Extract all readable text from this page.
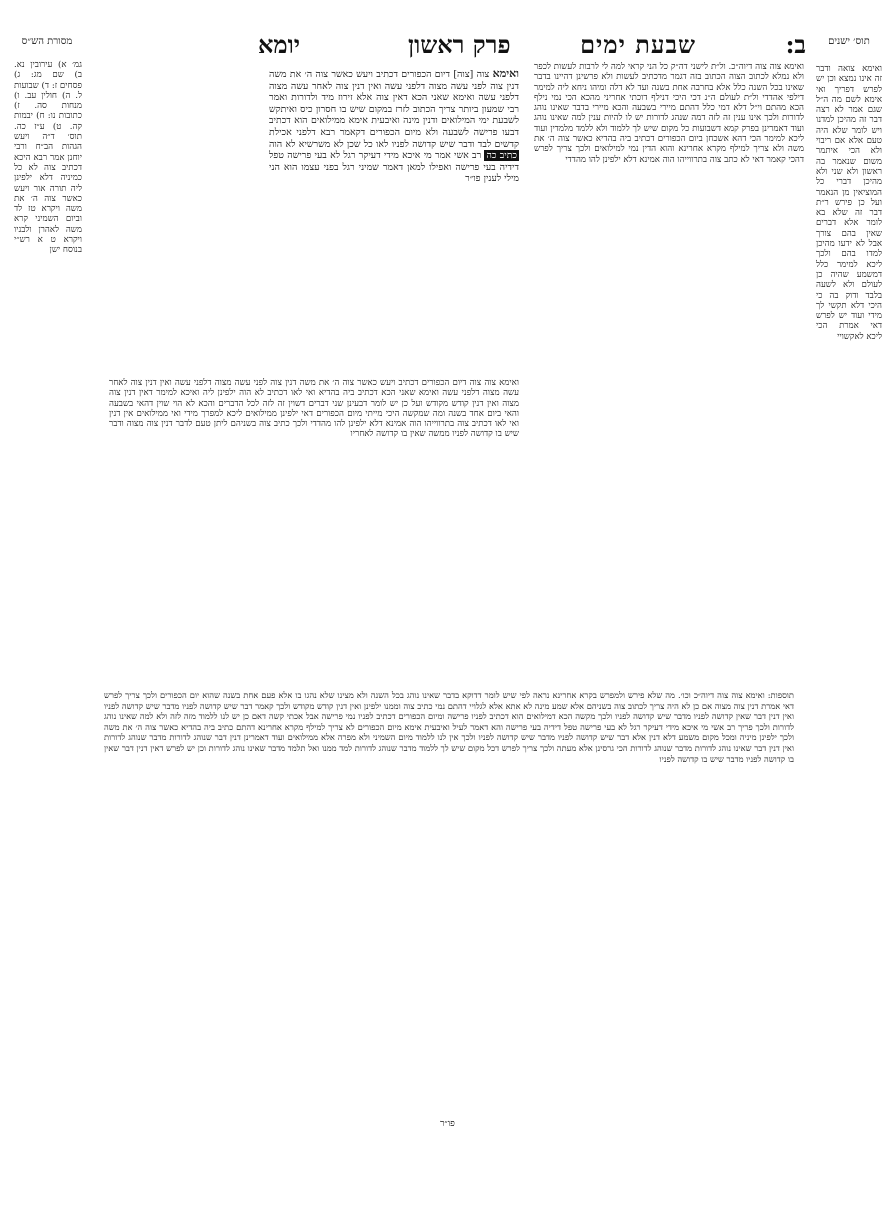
ב:
שבעת ימים
פרק ראשון
יומא	תוס׳ ישנים
מסורת הש״ס

ואימא צואה ודבר זה אינו נמצא וכן יש לפרש דפריך ואי אימא לשם מה ה״ל שגם אמר לא רצה דבר זה מהיכן למדנו ויש לומר שלא היה טעם אלא אם ריבוי ולא הכי איתמר משום שנאמר בה ראשון ולא שני ולא מהיכן דברי כל המוציאין מן הנאמר ועל כן פירש ר״ת דבר זה שלא בא לומר אלא דברים שאין בהם צורך אבל לא ידעו מהיכן למדו בהם ולכך ליכא למימר כלל דמשמע שהיה כן לעולם ולא לשעה בלבד ודוק בה כי היכי דלא תקשי לך מידי ועוד יש לפרש דאי אמרת הכי ליכא לאקשויי

ואימא צוה צוה דיוה״כ. ול״ת לישני דה״ק כל הני קראי למה לי לרבות לעשות לכפר ולא נמלא לכתוב הצוה הכתוב בזה דגמר מדכתיב לעשות ולא פרשינן דהיינו בדבר שאינו בכל השנה כלל אלא בחרבה אחת בשנה ועד לא דלה ומיהו ניחא ליה למימר דילפי אהדדי ול״ת לעולם ה״נ דכי היכי דנילף דוכתי אחריני מהכא הכי נמי נילף הכא מהתם וי״ל דלא דמי כלל דהתם מיירי בשבעה והכא מיירי בדבר שאינו נוהג לדורות ולכך אינו ענין זה לזה דמה שנהג לדורות יש לו להיות ענין למה שאינו נוהג ועוד דאמרינן בפרק קמא דשבועות כל מקום שיש לך ללמוד ולא ללמד מלמדין ועוד ליכא למימר הכי דהא אשכחן ביום הכפורים דכתיב ביה בהדיא כאשר צוה ה׳ את משה ולא צריך למילף מקרא אחרינא והוא הדין נמי למילואים ולכך צריך לפרש דהכי קאמר דאי לא כתב צוה בתרווייהו הוה אמינא דלא ילפינן להו מהדדי

ואימא צוה [צוה] דיום הכפורים דכתיב ויעש כאשר צוה ה׳ את משה דנין צוה לפני עשה מצוה דלפני עשה ואין דנין צוה לאחר עשה מצוה דלפני עשה ואימא שאני הכא דאין צוה אלא זירוז מיד ולדורות ואמר רבי שמעון ביותר צריך הכתוב לזרז במקום שיש בו חסרון כיס ואיתקש לשבעת ימי המילואים ודנין מינה ואיבעית אימא ממילואים הוא דכתיב דבעו פרישה לשבעה ולא מיום הכפורים דקאמר רבא דלפני אכילת קדשים לבד ודבר שיש קדושה לפניו לאו כל שכן לא משרשיא לא הוה כתיב כה רב אשי אמר מי איכא מידי דעיקר רגל לא בעי פרישה טפל דידיה בעי פרישה ואפילו למאן דאמר שמיני רגל בפני עצמו הוא הני מילי לענין פו״ר

ואימא צוה צוה דיום הכפורים דכתיב ויעש כאשר צוה ה׳ את משה דנין צוה לפני עשה מצוה דלפני עשה ואין דנין צוה לאחר עשה מצוה דלפני עשה ואימא שאני הכא דכתיב ביה בהדיא ואי לאו דכתיב לא הוה ילפינן ליה ואיכא למימר דאין דנין צוה מצוה ואין דנין קודש מקודש ועל כן יש לומר דבעינן שני דברים דשוין זה לזה לכל הדברים והכא לא הוי שוין דהאי בשבעה והאי ביום אחד בשנה ומה שמקשה היכי מייתי מיום הכפורים דאי ילפינן ממילואים ליכא למפרך מידי ואי ממילואים אין דנין ואי לאו דכתיב צוה בתרווייהו הוה אמינא דלא ילפינן להו מהדדי ולכך כתיב צוה בשניהם ליתן טעם לדבר דנין צוה מצוה ודבר שיש בו קדושה לפניו ממשה שאין בו קדושה לאחריו

גמ׳ א) עירובין נא. ב) שם מג: ג) פסחים ז: ד) שבועות ל. ה) חולין עב. ו) מנחות סה. ז) כתובות נו: ח) יבמות קה. ט) ע״ז כה. תוס׳ ד״ה ויעש הגהות הב״ח ורבי יוחנן אמר רבא היכא דכתיב צוה לא כל כמיניה דלא ילפינן ליה תורה אור ויעש כאשר צוה ה׳ את משה ויקרא טז לד וביום השמיני קרא משה לאהרן ולבניו ויקרא ט א רש״י בנוסח ישן

תוספות: ואימא צוה צוה דיוה״כ וכו׳. מה שלא פירש ולמפרש בקרא אחרינא נראה לפי שיש לומר דדוקא בדבר שאינו נוהג בכל השנה ולא מצינו שלא נהגו בו אלא פעם אחת בשנה שהוא יום הכפורים ולכך צריך לפרש דאי אמרת דנין צוה מצוה אם כן לא היה צריך לכתוב צוה בשניהם אלא שמע מינה לא אתא אלא לגלויי דהתם נמי כתיב צוה וממנו ילפינן ואין דנין קודש מקודש ולכך קאמר דבר שיש קדושה לפניו מדבר שיש קדושה לפניו ואין דנין דבר שאין קדושה לפניו מדבר שיש קדושה לפניו ולכך מקשה הכא דמילואים הוא דכתיב לפניו פרישה ומיום הכפורים דכתיב לפניו נמי פרישה אבל אכתי קשה דאם כן יש לנו ללמוד מזה לזה ולא למה שאינו נוהג לדורות ולכך פריך רב אשי מי איכא מידי דעיקר רגל לא בעי פרישה טפל דידיה בעי פרישה והא דאמר לעיל ואיבעית אימא מיום הכפורים לא צריך למילף מקרא אחרינא דהתם כתיב ביה בהדיא כאשר צוה ה׳ את משה ולכך ילפינן מיניה ומכל מקום משמע דלא דנין אלא דבר שיש קדושה לפניו מדבר שיש קדושה לפניו ולכך אין לנו ללמוד מיום השמיני ולא מפרה אלא ממילואים ועוד דאמרינן דנין דבר שנוהג לדורות מדבר שנוהג לדורות ואין דנין דבר שאינו נוהג לדורות מדבר שנוהג לדורות הכי גרסינן אלא מעתה ולכך צריך לפרש דכל מקום שיש לך ללמוד מדבר שנוהג לדורות למד ממנו ואל תלמד מדבר שאינו נוהג לדורות וכן יש לפרש דאין דנין דבר שאין בו קדושה לפניו מדבר שיש בו קדושה לפניו

פו״ר
